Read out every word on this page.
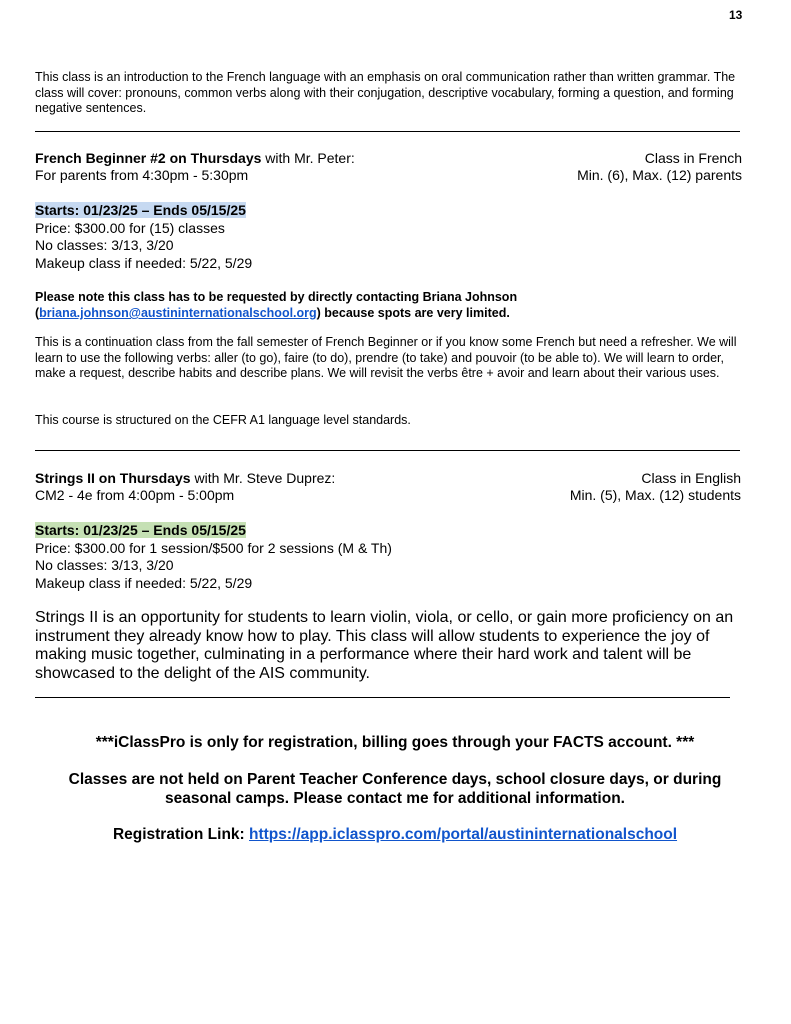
13

This class is an introduction to the French language with an emphasis on oral communication rather than written grammar. The class will cover: pronouns, common verbs along with their conjugation, descriptive vocabulary, forming a question, and forming negative sentences.

French Beginner #2 on Thursdays with Mr. Peter:	Class in French
For parents from 4:30pm - 5:30pm	Min. (6), Max. (12) parents
Starts: 01/23/25 – Ends 05/15/25
Price: $300.00 for (15) classes
No classes: 3/13, 3/20
Makeup class if needed: 5/22, 5/29
Please note this class has to be requested by directly contacting Briana Johnson
(briana.johnson@austininternationalschool.org) because spots are very limited.

This is a continuation class from the fall semester of French Beginner or if you know some French but need a refresher. We will learn to use the following verbs: aller (to go), faire (to do), prendre (to take) and pouvoir (to be able to). We will learn to order, make a request, describe habits and describe plans. We will revisit the verbs être + avoir and learn about their various uses.

This course is structured on the CEFR A1 language level standards.

Strings II on Thursdays with Mr. Steve Duprez:	Class in English
CM2 - 4e from 4:00pm - 5:00pm	Min. (5), Max. (12) students
Starts: 01/23/25 – Ends 05/15/25
Price: $300.00 for 1 session/$500 for 2 sessions (M & Th)
No classes: 3/13, 3/20
Makeup class if needed: 5/22, 5/29

Strings II is an opportunity for students to learn violin, viola, or cello, or gain more proficiency on an instrument they already know how to play. This class will allow students to experience the joy of making music together, culminating in a performance where their hard work and talent will be showcased to the delight of the AIS community.

***iClassPro is only for registration, billing goes through your FACTS account. ***
Classes are not held on Parent Teacher Conference days, school closure days, or during seasonal camps. Please contact me for additional information.
Registration Link: https://app.iclasspro.com/portal/austininternationalschool
